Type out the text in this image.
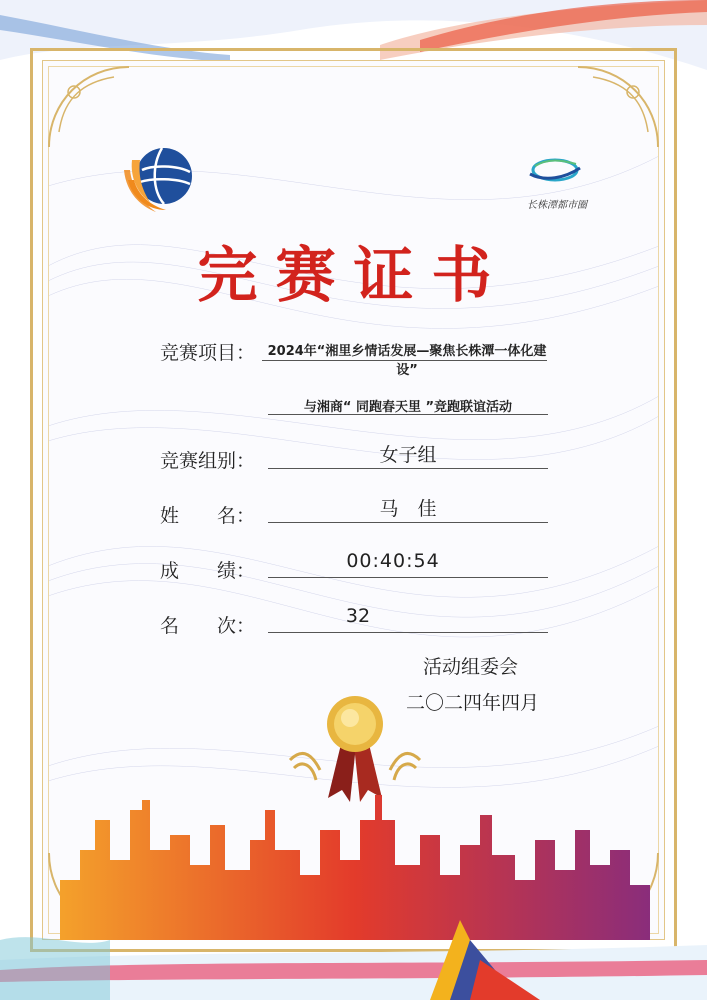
长株潭都市圈
完赛证书
竞赛项目： 2024年“湘里乡情话发展—聚焦长株潭一体化建设”
与湘商“ 同跑春天里 ”竞跑联谊活动
竞赛组别：	女子组
姓　　名：	马　佳
成　　绩：	00:40:54
名　　次：	32
活动组委会
二〇二四年四月
